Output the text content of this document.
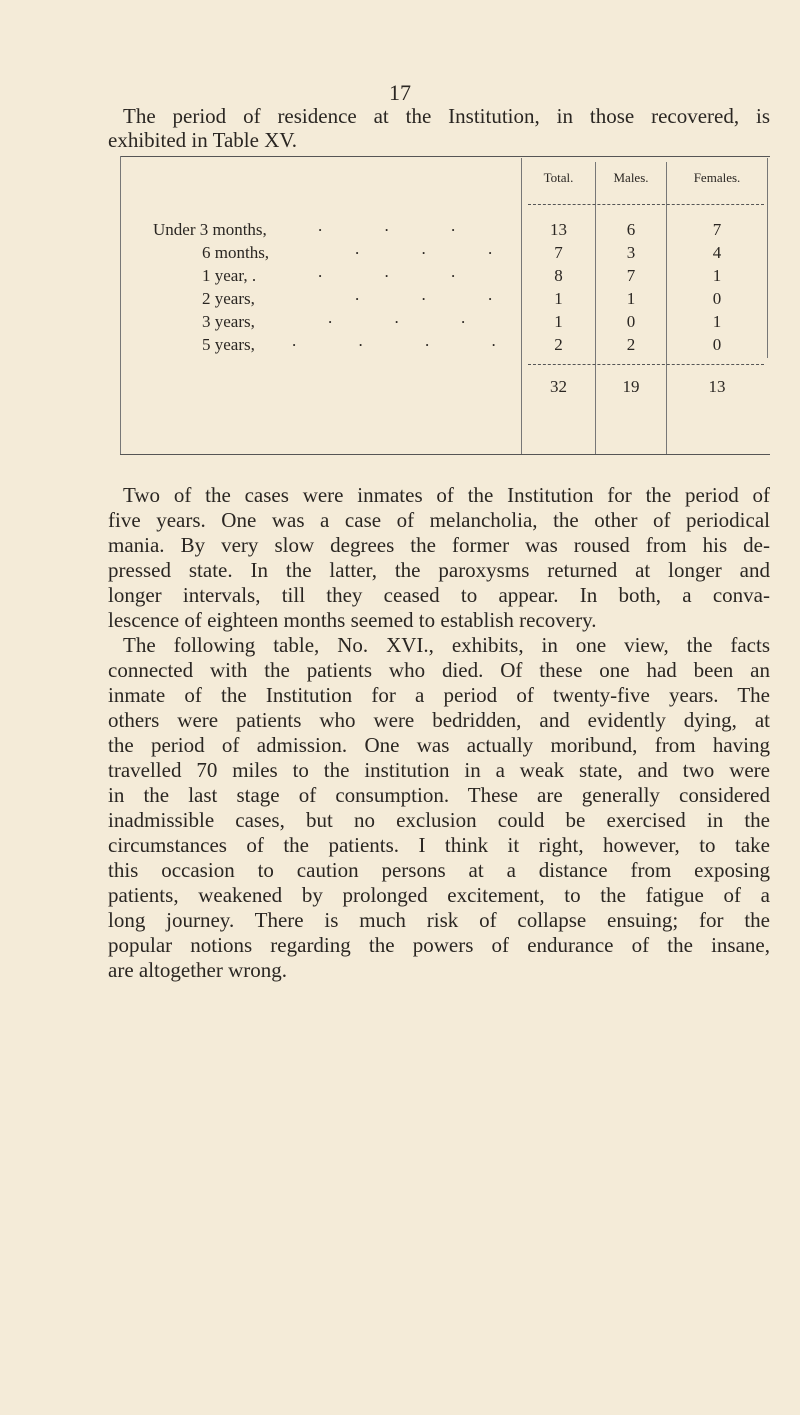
17
The period of residence at the Institution, in those recovered, is
exhibited in Table XV.
Total.	Males.	Females.
Under 3 months,	. . .	13	6	7
6 months,	. . .	7	3	4
1 year, .	. . .	8	7	1
2 years,	. . .	1	1	0
3 years,	. . .	1	0	1
5 years, . . . .	2	2	0
32	19	13
Two of the cases were inmates of the Institution for the period of
five years. One was a case of melancholia, the other of periodical
mania. By very slow degrees the former was roused from his de-
pressed state. In the latter, the paroxysms returned at longer and
longer intervals, till they ceased to appear. In both, a conva-
lescence of eighteen months seemed to establish recovery.
The following table, No. XVI., exhibits, in one view, the facts
connected with the patients who died. Of these one had been an
inmate of the Institution for a period of twenty-five years. The
others were patients who were bedridden, and evidently dying, at
the period of admission. One was actually moribund, from having
travelled 70 miles to the institution in a weak state, and two were
in the last stage of consumption. These are generally considered
inadmissible cases, but no exclusion could be exercised in the
circumstances of the patients. I think it right, however, to take
this occasion to caution persons at a distance from exposing
patients, weakened by prolonged excitement, to the fatigue of a
long journey. There is much risk of collapse ensuing; for the
popular notions regarding the powers of endurance of the insane,
are altogether wrong.
